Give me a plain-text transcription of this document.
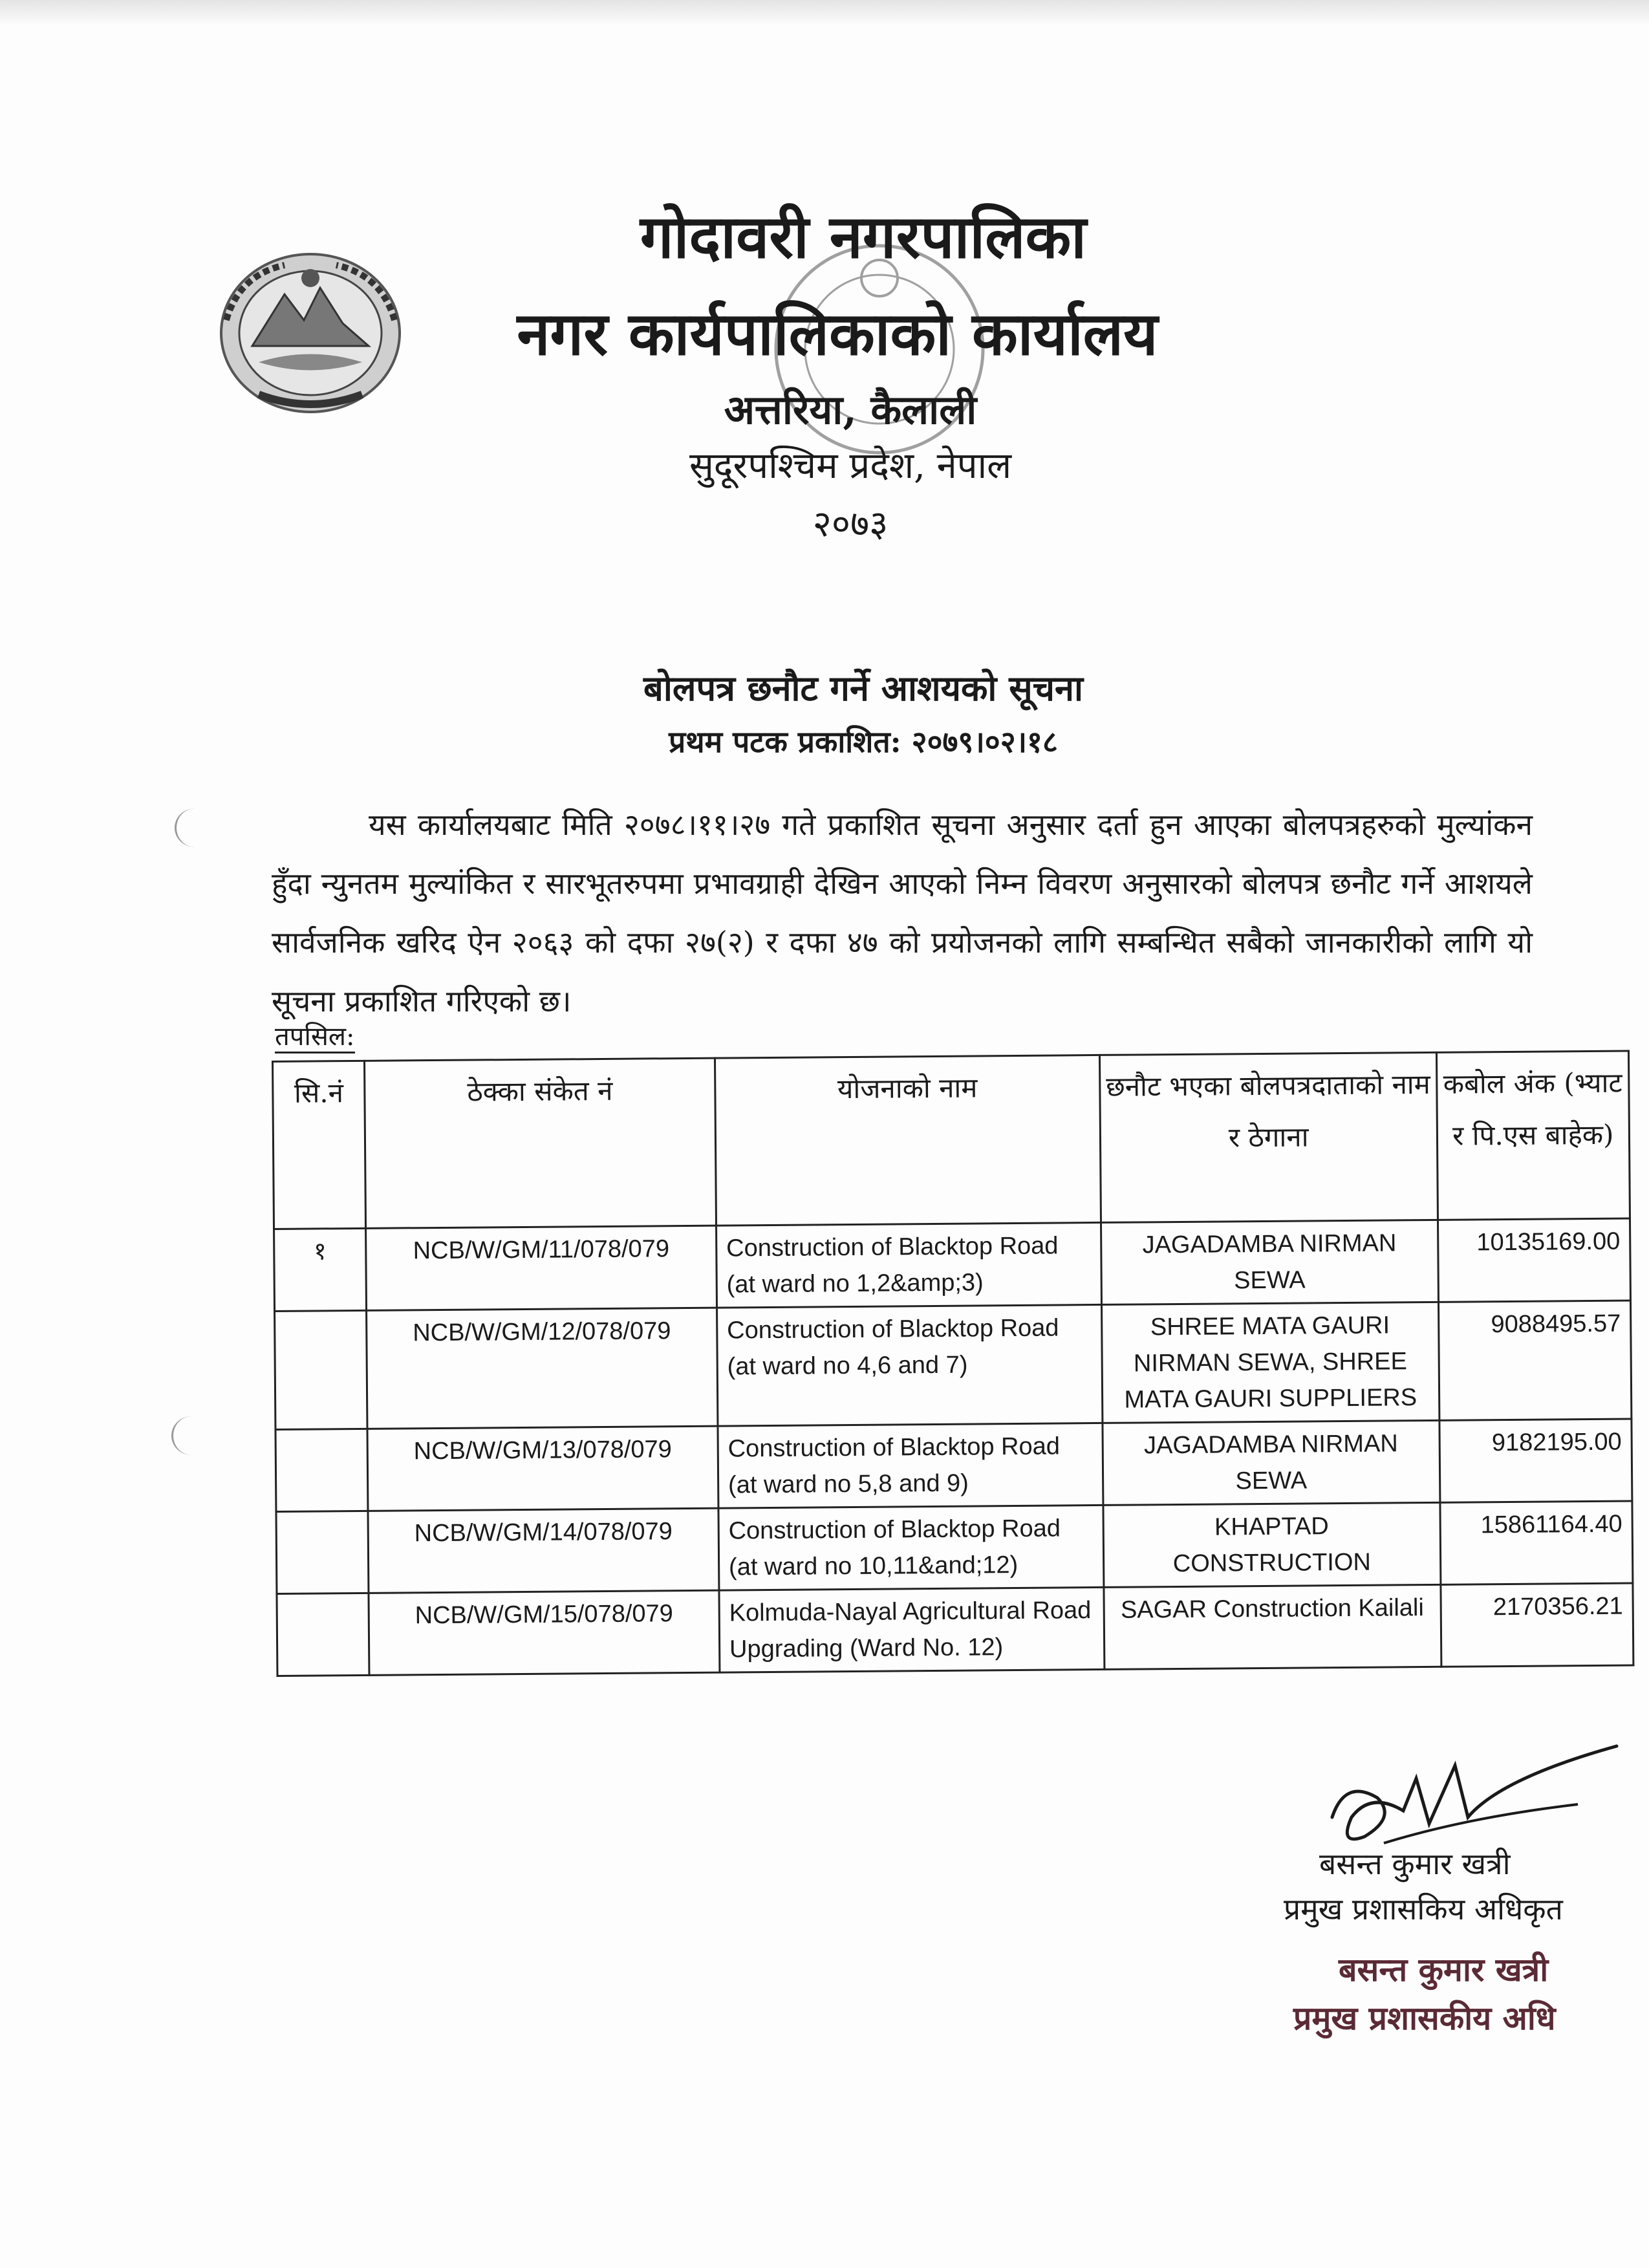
गोदावरी नगरपालिका
नगर कार्यपालिकाको कार्यालय
अत्तरिया, कैलाली
सुदूरपश्चिम प्रदेश, नेपाल
२०७३
बोलपत्र छनौट गर्ने आशयको सूचना
प्रथम पटक प्रकाशित: २०७९।०२।१८
यस कार्यालयबाट मिति २०७८।११।२७ गते प्रकाशित सूचना अनुसार दर्ता हुन आएका बोलपत्रहरुको मुल्यांकन हुँदा न्युनतम मुल्यांकित र सारभूतरुपमा प्रभावग्राही देखिन आएको निम्न विवरण अनुसारको बोलपत्र छनौट गर्ने आशयले सार्वजनिक खरिद ऐन २०६३ को दफा २७(२) र दफा ४७ को प्रयोजनको लागि सम्बन्धित सबैको जानकारीको लागि यो सूचना प्रकाशित गरिएको छ।
तपसिल:
सि.नं	ठेक्का संकेत नं	योजनाको नाम	छनौट भएका बोलपत्रदाताको नाम र ठेगाना	कबोल अंक (भ्याट र पि.एस बाहेक)
१	NCB/W/GM/11/078/079	Construction of Blacktop Road (at ward no 1,2&amp;3)	JAGADAMBA NIRMAN SEWA	10135169.00
	NCB/W/GM/12/078/079	Construction of Blacktop Road (at ward no 4,6 and 7)	SHREE MATA GAURI NIRMAN SEWA, SHREE MATA GAURI SUPPLIERS	9088495.57
	NCB/W/GM/13/078/079	Construction of Blacktop Road (at ward no 5,8 and 9)	JAGADAMBA NIRMAN SEWA	9182195.00
	NCB/W/GM/14/078/079	Construction of Blacktop Road (at ward no 10,11&and;12)	KHAPTAD CONSTRUCTION	15861164.40
	NCB/W/GM/15/078/079	Kolmuda-Nayal Agricultural Road Upgrading (Ward No. 12)	SAGAR Construction Kailali	2170356.21
बसन्त कुमार खत्री
प्रमुख प्रशासकिय अधिकृत
बसन्त कुमार खत्री
प्रमुख प्रशासकीय अधि
